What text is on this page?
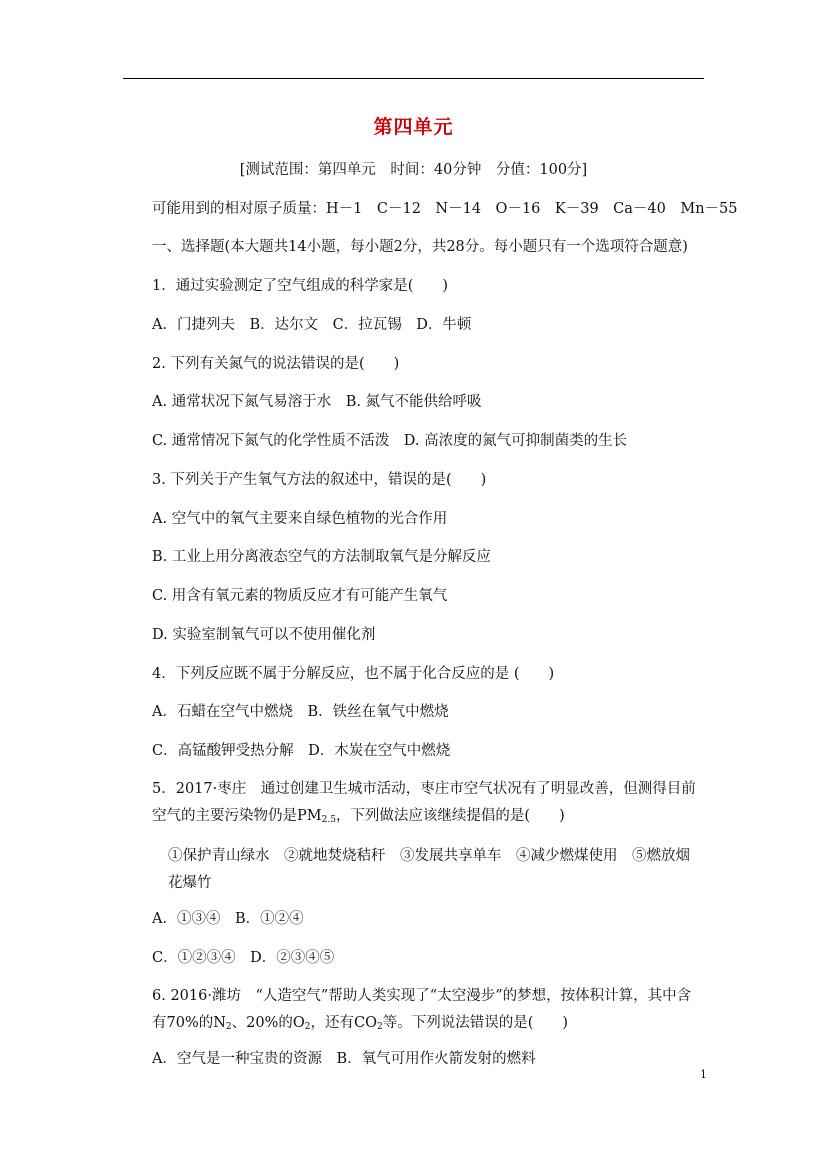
第四单元
[测试范围：第四单元　时间：40分钟　分值：100分]
可能用到的相对原子质量：H－1　C－12　N－14　O－16　K－39　Ca－40　Mn－55
一、选择题(本大题共14小题，每小题2分，共28分。每小题只有一个选项符合题意)
1．通过实验测定了空气组成的科学家是(　　)
A．门捷列夫　B．达尔文　C．拉瓦锡　D．牛顿
2. 下列有关氮气的说法错误的是(　　)
A. 通常状况下氮气易溶于水　B. 氮气不能供给呼吸
C. 通常情况下氮气的化学性质不活泼　D. 高浓度的氮气可抑制菌类的生长
3. 下列关于产生氧气方法的叙述中，错误的是(　　)
A. 空气中的氧气主要来自绿色植物的光合作用
B. 工业上用分离液态空气的方法制取氧气是分解反应
C. 用含有氧元素的物质反应才有可能产生氧气
D. 实验室制氧气可以不使用催化剂
4．下列反应既不属于分解反应，也不属于化合反应的是 (　　)
A．石蜡在空气中燃烧　B．铁丝在氧气中燃烧
C．高锰酸钾受热分解　D．木炭在空气中燃烧
5．2017·枣庄　通过创建卫生城市活动，枣庄市空气状况有了明显改善，但测得目前空气的主要污染物仍是$PM_{2.5}$，下列做法应该继续提倡的是(　　)
①保护青山绿水　②就地焚烧秸秆　③发展共享单车　④减少燃煤使用　⑤燃放烟花爆竹
A．①③④　B．①②④
C．①②③④　D．②③④⑤
6. 2016·潍坊　“人造空气”帮助人类实现了“太空漫步”的梦想，按体积计算，其中含有70%的$N_2$、20%的$O_2$，还有$CO_2$等。下列说法错误的是(　　)
A．空气是一种宝贵的资源　B．氧气可用作火箭发射的燃料
1
